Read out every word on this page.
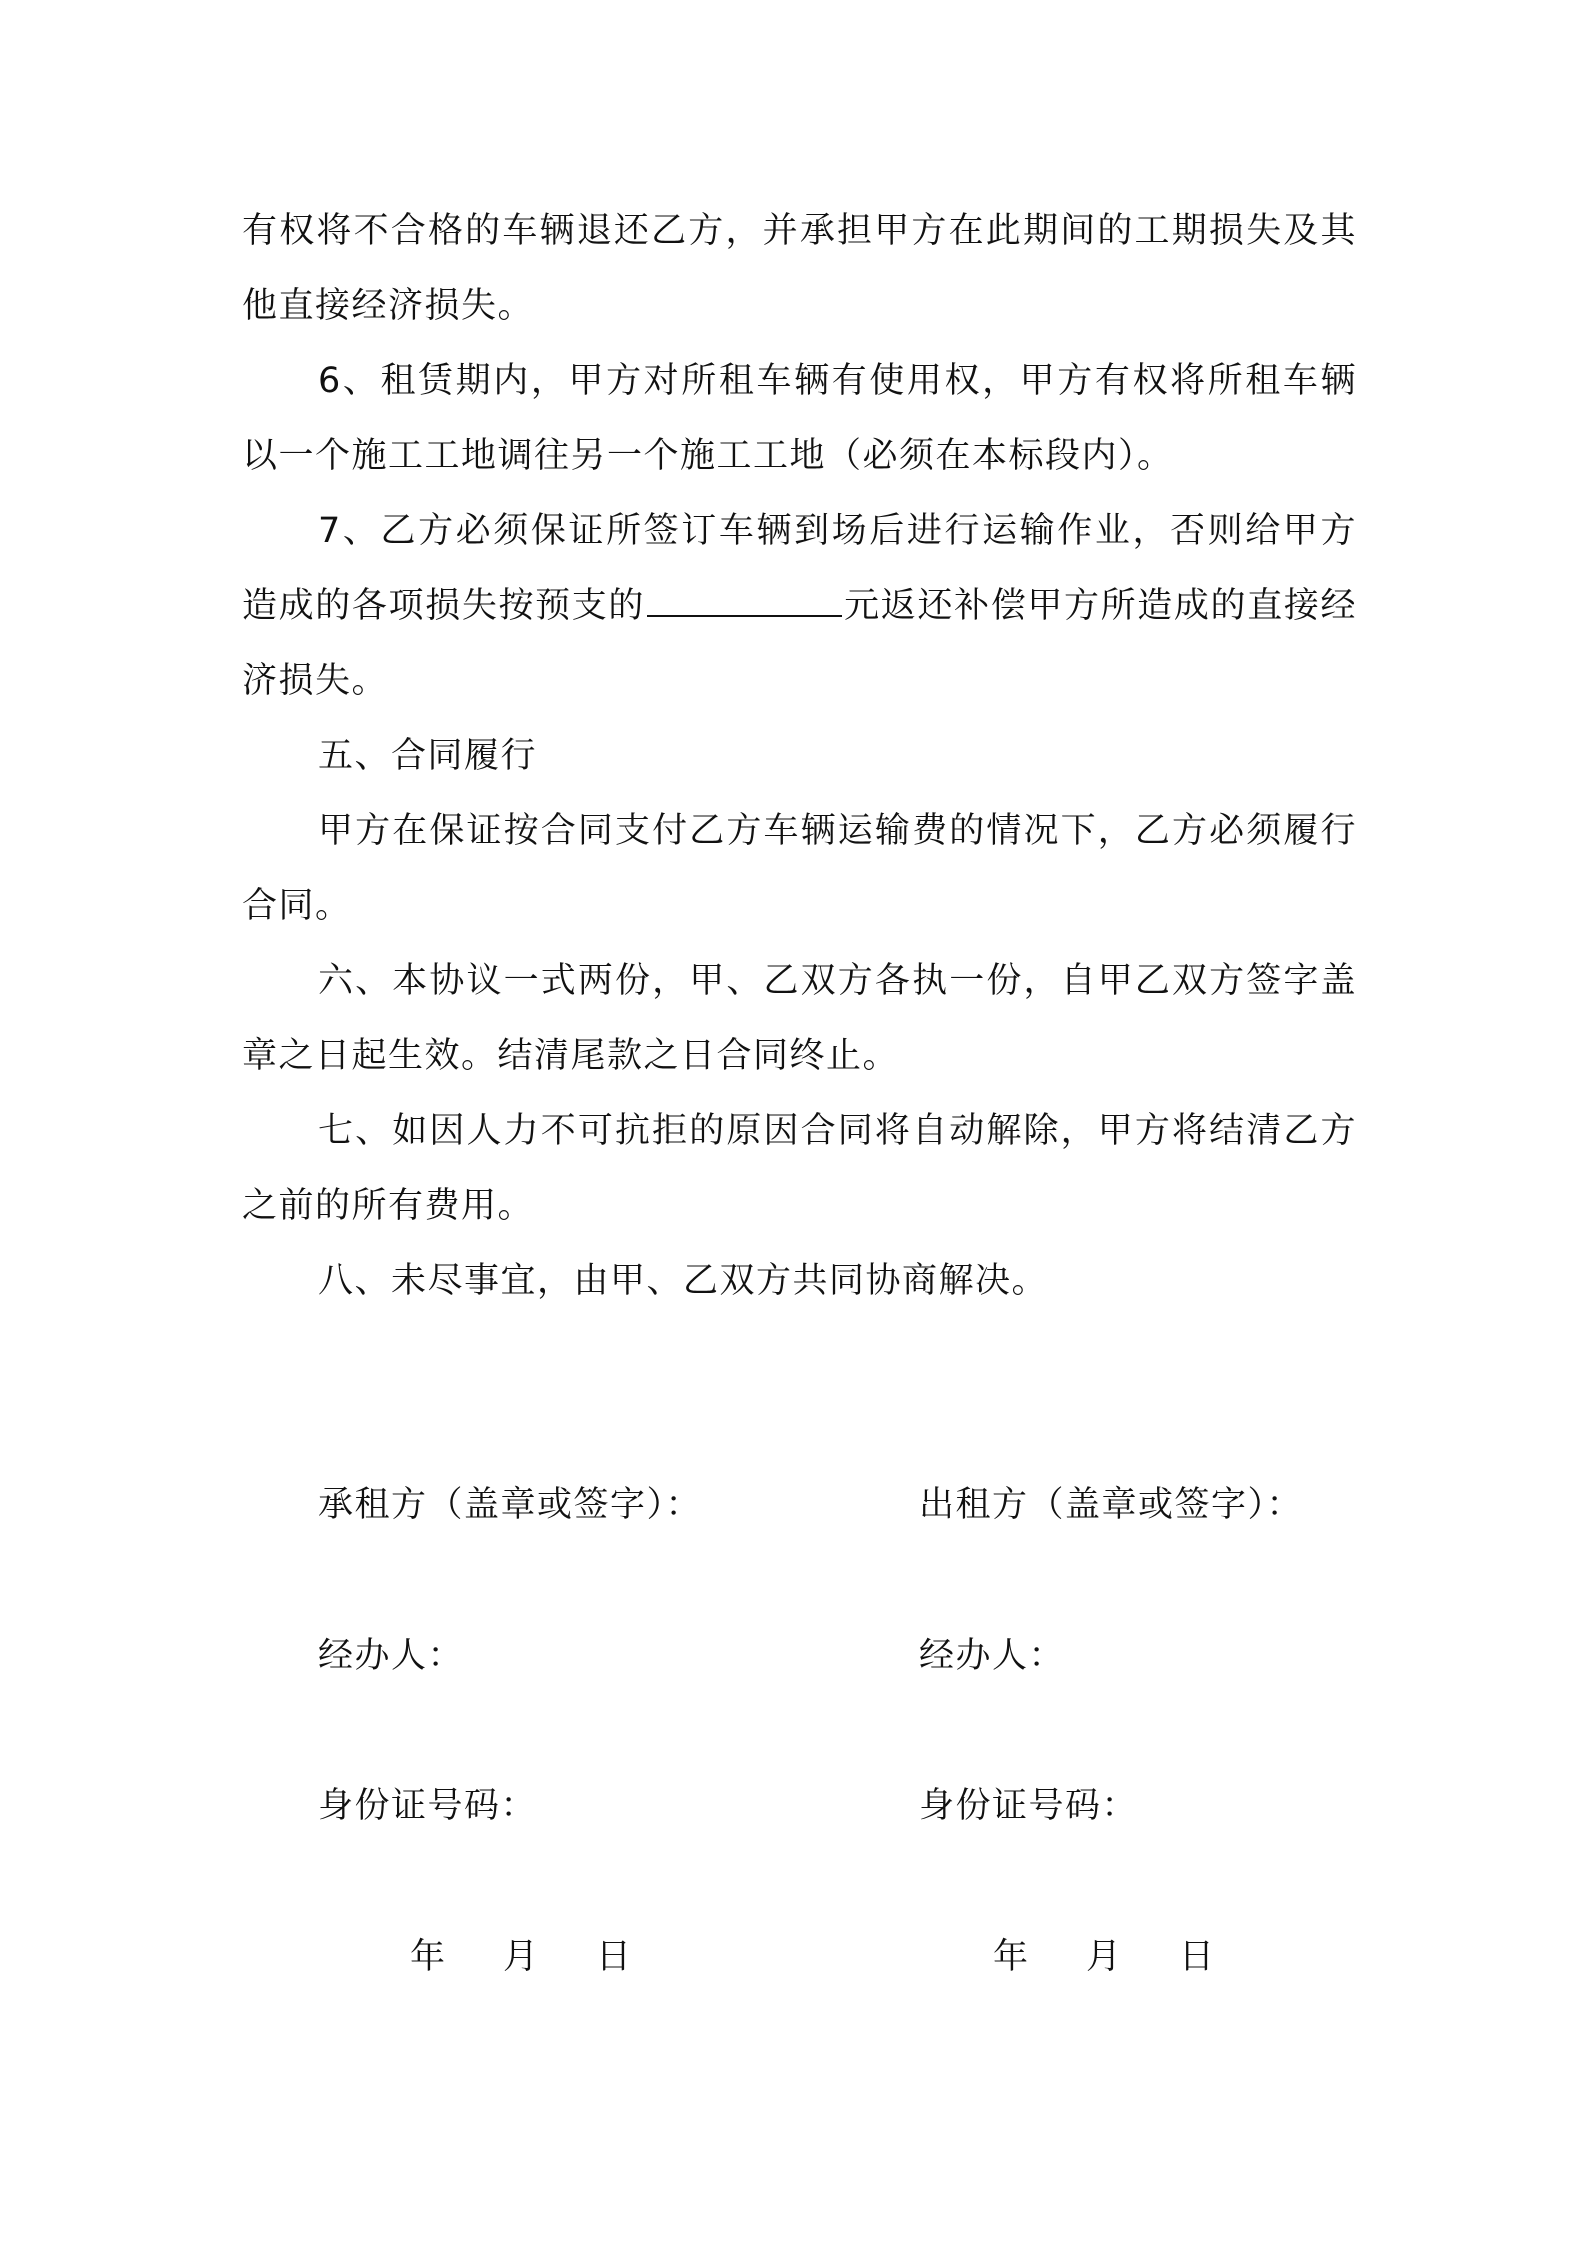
有权将不合格的车辆退还乙方，并承担甲方在此期间的工期损失及其他直接经济损失。

6、租赁期内，甲方对所租车辆有使用权，甲方有权将所租车辆以一个施工工地调往另一个施工工地（必须在本标段内）。

7、乙方必须保证所签订车辆到场后进行运输作业，否则给甲方造成的各项损失按预支的	元返还补偿甲方所造成的直接经济损失。

五、合同履行

甲方在保证按合同支付乙方车辆运输费的情况下，乙方必须履行合同。

六、本协议一式两份，甲、乙双方各执一份，自甲乙双方签字盖章之日起生效。结清尾款之日合同终止。

七、如因人力不可抗拒的原因合同将自动解除，甲方将结清乙方之前的所有费用。

八、未尽事宜，由甲、乙双方共同协商解决。

承租方（盖章或签字）：
经办人：
身份证号码：
年 月 日
出租方（盖章或签字）：
经办人：
身份证号码：
年 月 日
